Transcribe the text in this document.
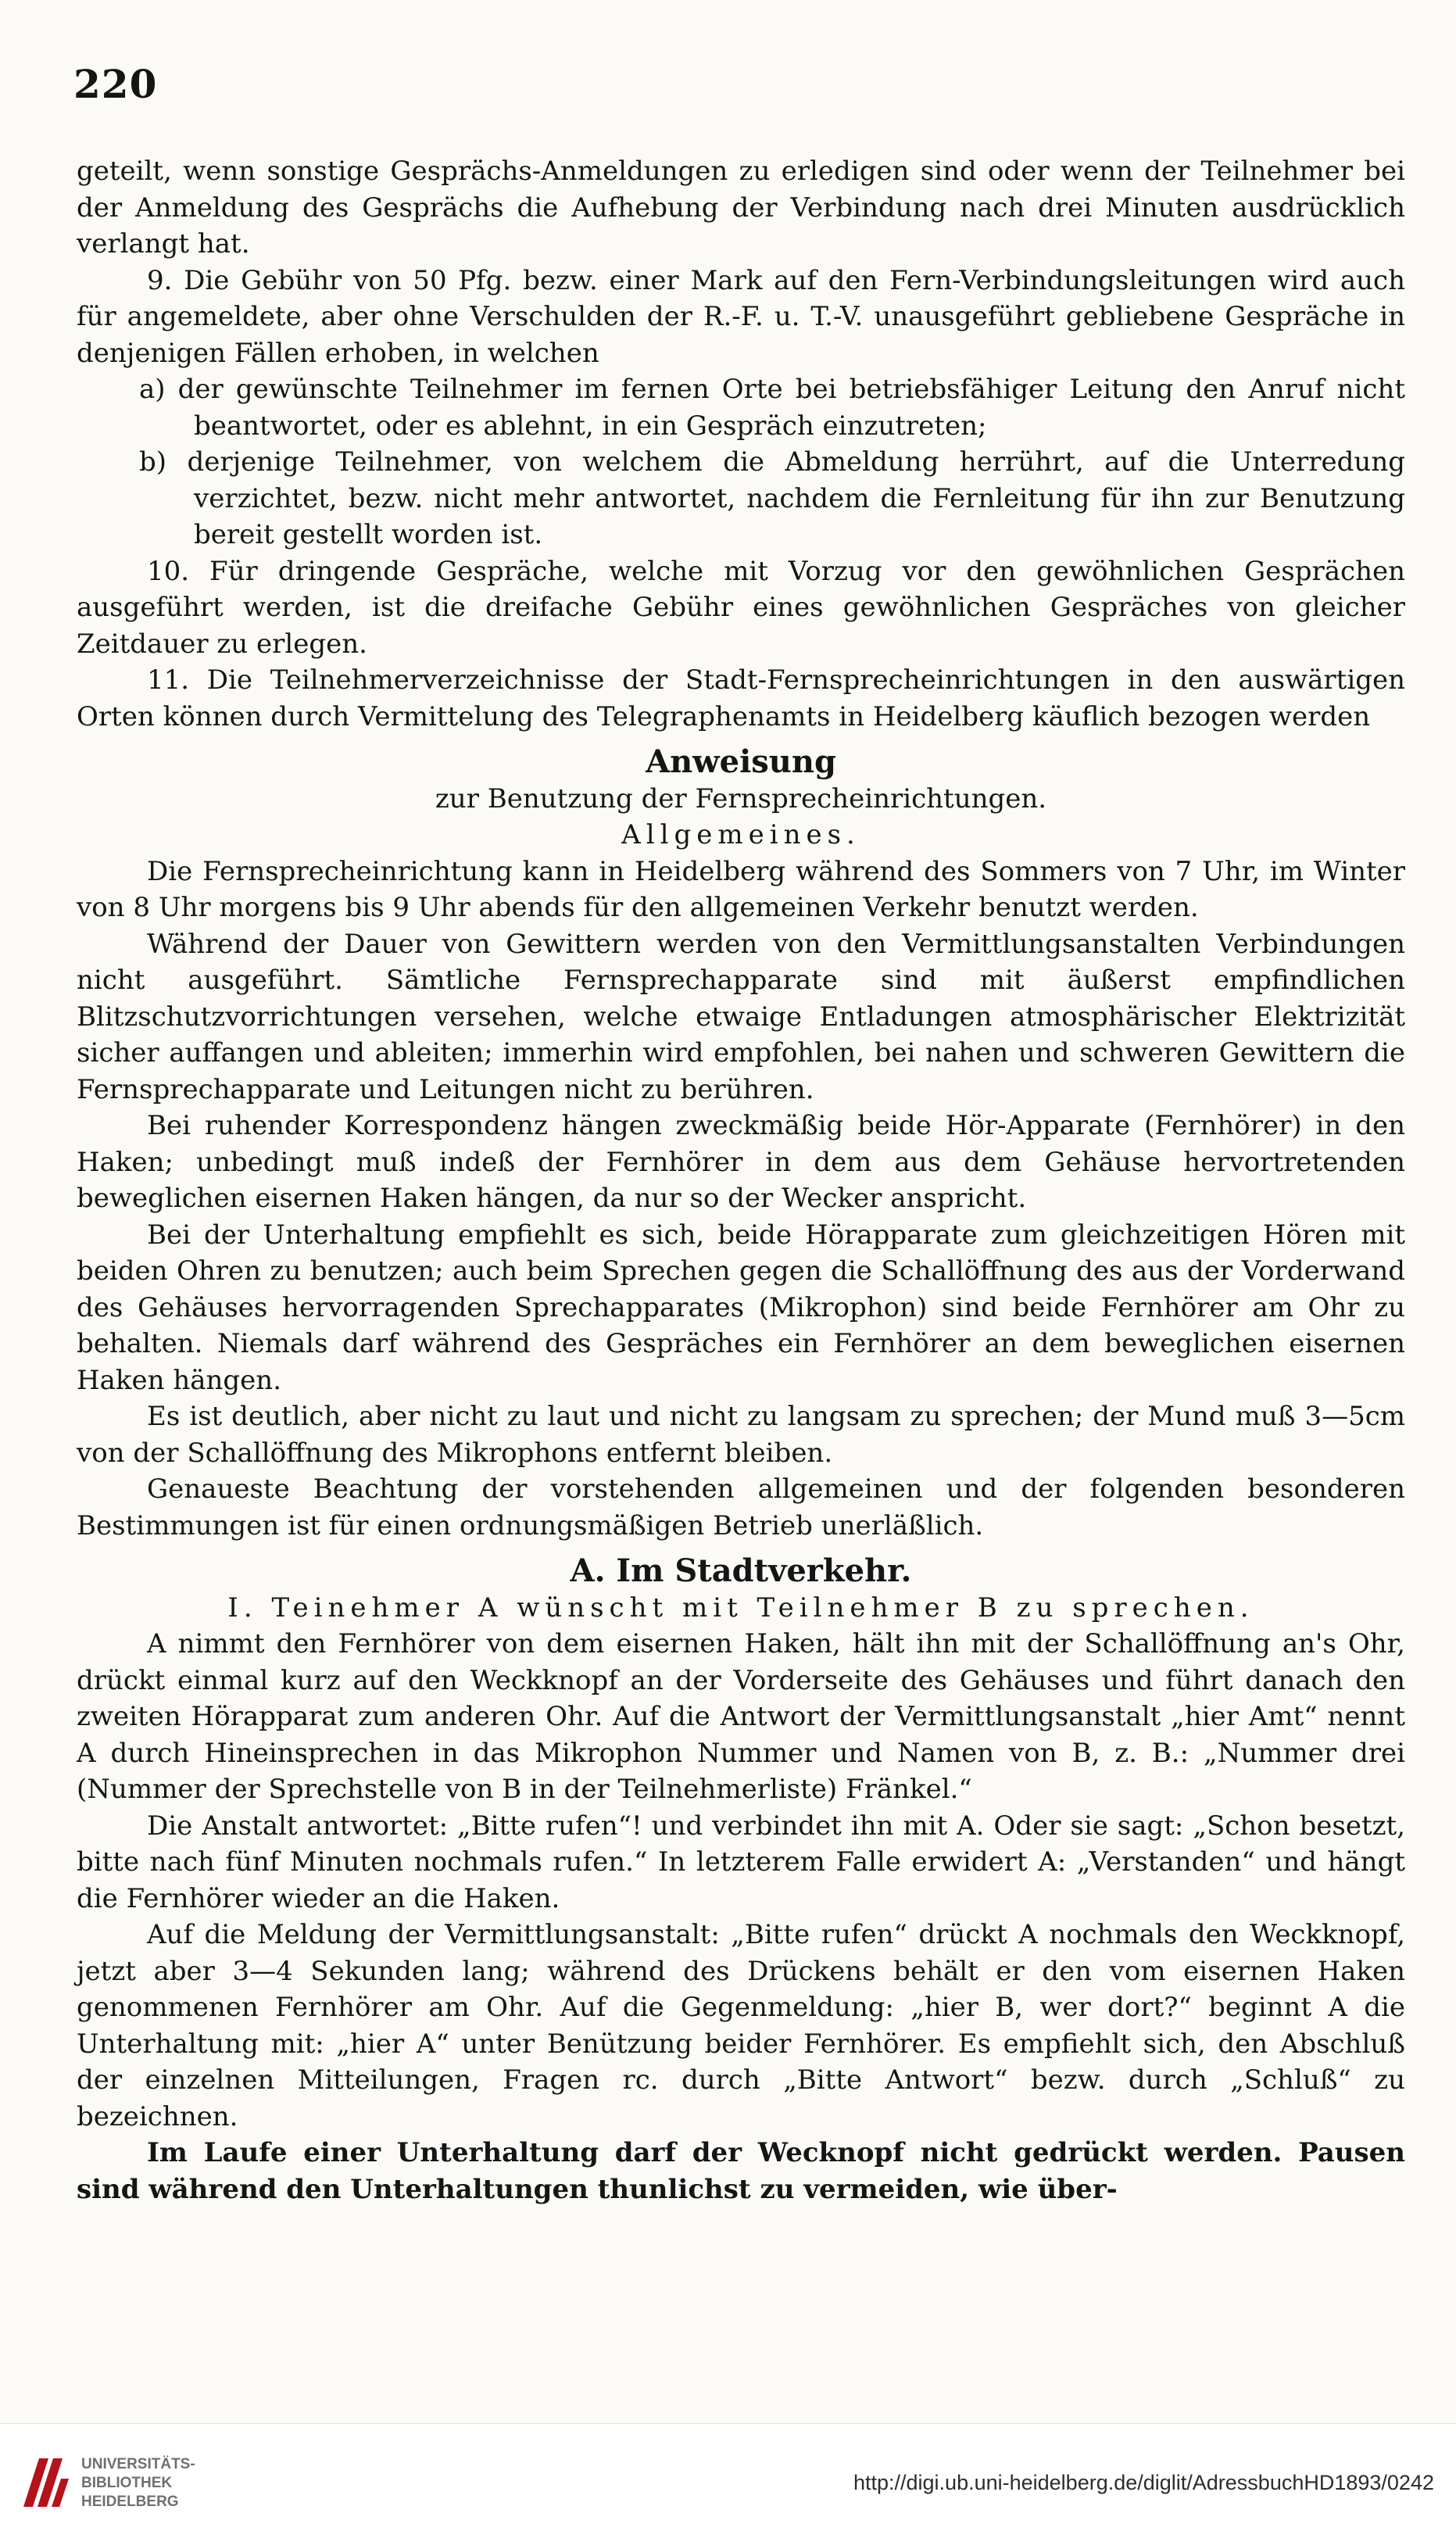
220

geteilt, wenn sonstige Gesprächs-Anmeldungen zu erledigen sind oder wenn der Teilnehmer bei der Anmeldung des Gesprächs die Aufhebung der Verbindung nach drei Minuten ausdrücklich verlangt hat.

9. Die Gebühr von 50 Pfg. bezw. einer Mark auf den Fern-Verbindungsleitungen wird auch für angemeldete, aber ohne Verschulden der R.-F. u. T.-V. unausgeführt gebliebene Gespräche in denjenigen Fällen erhoben, in welchen

a) der gewünschte Teilnehmer im fernen Orte bei betriebsfähiger Leitung den Anruf nicht beantwortet, oder es ablehnt, in ein Gespräch einzutreten;

b) derjenige Teilnehmer, von welchem die Abmeldung herrührt, auf die Unterredung verzichtet, bezw. nicht mehr antwortet, nachdem die Fernleitung für ihn zur Benutzung bereit gestellt worden ist.

10. Für dringende Gespräche, welche mit Vorzug vor den gewöhnlichen Gesprächen ausgeführt werden, ist die dreifache Gebühr eines gewöhnlichen Gespräches von gleicher Zeitdauer zu erlegen.

11. Die Teilnehmerverzeichnisse der Stadt-Fernsprecheinrichtungen in den auswärtigen Orten können durch Vermittelung des Telegraphenamts in Heidelberg käuflich bezogen werden

Anweisung

zur Benutzung der Fernsprecheinrichtungen.

Allgemeines.

Die Fernsprecheinrichtung kann in Heidelberg während des Sommers von 7 Uhr, im Winter von 8 Uhr morgens bis 9 Uhr abends für den allgemeinen Verkehr benutzt werden.

Während der Dauer von Gewittern werden von den Vermittlungsanstalten Verbindungen nicht ausgeführt. Sämtliche Fernsprechapparate sind mit äußerst empfindlichen Blitzschutzvorrichtungen versehen, welche etwaige Entladungen atmosphärischer Elektrizität sicher auffangen und ableiten; immerhin wird empfohlen, bei nahen und schweren Gewittern die Fernsprechapparate und Leitungen nicht zu berühren.

Bei ruhender Korrespondenz hängen zweckmäßig beide Hör-Apparate (Fernhörer) in den Haken; unbedingt muß indeß der Fernhörer in dem aus dem Gehäuse hervortretenden beweglichen eisernen Haken hängen, da nur so der Wecker anspricht.

Bei der Unterhaltung empfiehlt es sich, beide Hörapparate zum gleichzeitigen Hören mit beiden Ohren zu benutzen; auch beim Sprechen gegen die Schallöffnung des aus der Vorderwand des Gehäuses hervorragenden Sprechapparates (Mikrophon) sind beide Fernhörer am Ohr zu behalten. Niemals darf während des Gespräches ein Fernhörer an dem beweglichen eisernen Haken hängen.

Es ist deutlich, aber nicht zu laut und nicht zu langsam zu sprechen; der Mund muß 3—5cm von der Schallöffnung des Mikrophons entfernt bleiben.

Genaueste Beachtung der vorstehenden allgemeinen und der folgenden besonderen Bestimmungen ist für einen ordnungsmäßigen Betrieb unerläßlich.

A. Im Stadtverkehr.

I. Teinehmer A wünscht mit Teilnehmer B zu sprechen.

A nimmt den Fernhörer von dem eisernen Haken, hält ihn mit der Schallöffnung an's Ohr, drückt einmal kurz auf den Weckknopf an der Vorderseite des Gehäuses und führt danach den zweiten Hörapparat zum anderen Ohr. Auf die Antwort der Vermittlungsanstalt „hier Amt“ nennt A durch Hineinsprechen in das Mikrophon Nummer und Namen von B, z. B.: „Nummer drei (Nummer der Sprechstelle von B in der Teilnehmerliste) Fränkel.“

Die Anstalt antwortet: „Bitte rufen“! und verbindet ihn mit A. Oder sie sagt: „Schon besetzt, bitte nach fünf Minuten nochmals rufen.“ In letzterem Falle erwidert A: „Verstanden“ und hängt die Fernhörer wieder an die Haken.

Auf die Meldung der Vermittlungsanstalt: „Bitte rufen“ drückt A nochmals den Weckknopf, jetzt aber 3—4 Sekunden lang; während des Drückens behält er den vom eisernen Haken genommenen Fernhörer am Ohr. Auf die Gegenmeldung: „hier B, wer dort?“ beginnt A die Unterhaltung mit: „hier A“ unter Benützung beider Fernhörer. Es empfiehlt sich, den Abschluß der einzelnen Mitteilungen, Fragen rc. durch „Bitte Antwort“ bezw. durch „Schluß“ zu bezeichnen.

Im Laufe einer Unterhaltung darf der Wecknopf nicht gedrückt werden. Pausen sind während den Unterhaltungen thunlichst zu vermeiden, wie über-

UNIVERSITÄTS-
BIBLIOTHEK
HEIDELBERG
http://digi.ub.uni-heidelberg.de/diglit/AdressbuchHD1893/0242
